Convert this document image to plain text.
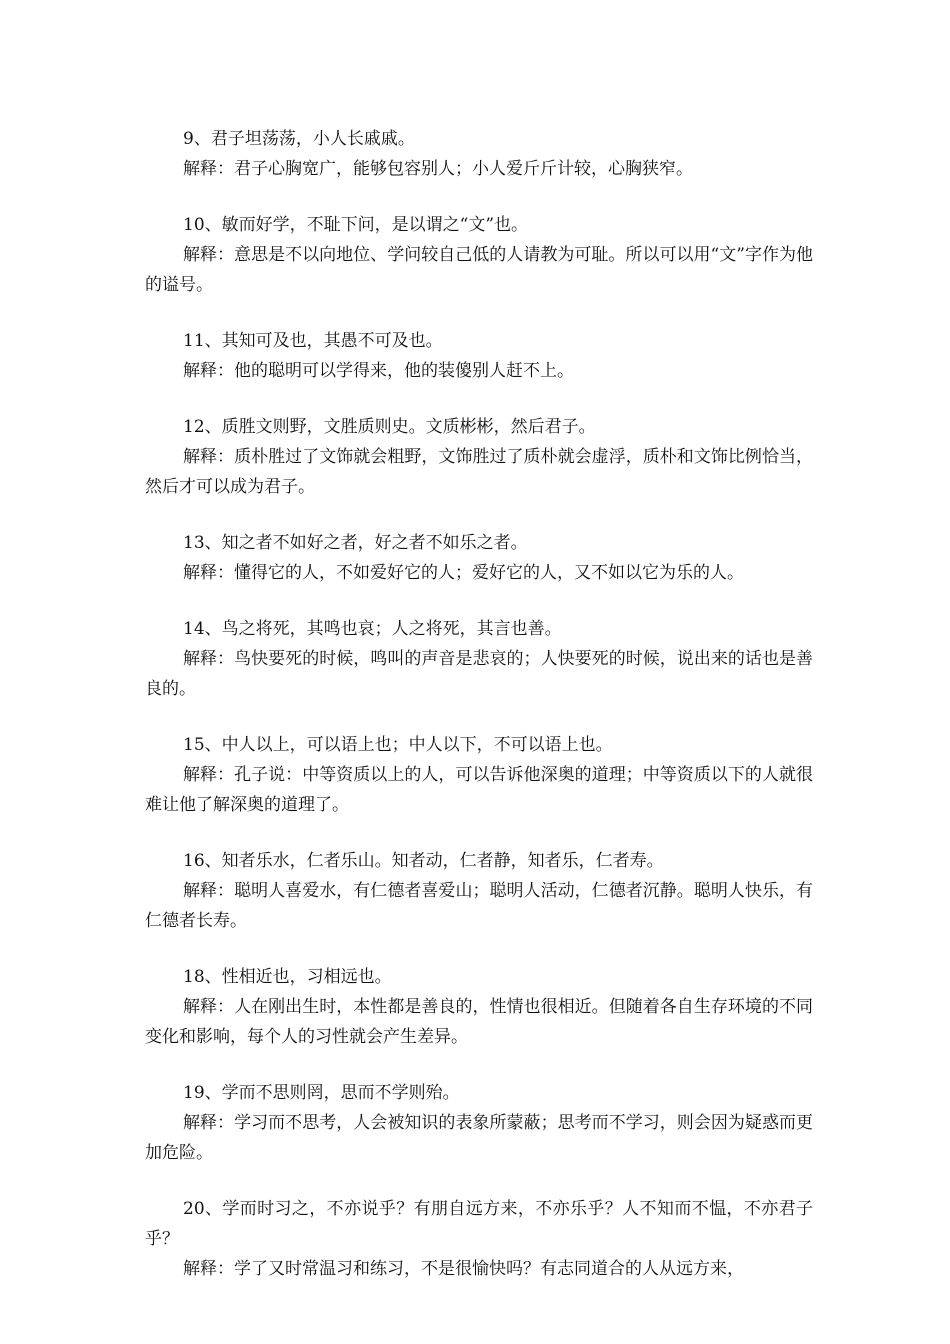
9、君子坦荡荡，小人长戚戚。

解释：君子心胸宽广，能够包容别人；小人爱斤斤计较，心胸狭窄。

10、敏而好学，不耻下问，是以谓之“文”也。

解释：意思是不以向地位、学问较自己低的人请教为可耻。所以可以用“文”字作为他的谥号。

11、其知可及也，其愚不可及也。

解释：他的聪明可以学得来，他的装傻别人赶不上。

12、质胜文则野，文胜质则史。文质彬彬，然后君子。

解释：质朴胜过了文饰就会粗野，文饰胜过了质朴就会虚浮，质朴和文饰比例恰当，然后才可以成为君子。

13、知之者不如好之者，好之者不如乐之者。

解释：懂得它的人，不如爱好它的人；爱好它的人，又不如以它为乐的人。

14、鸟之将死，其鸣也哀；人之将死，其言也善。

解释：鸟快要死的时候，鸣叫的声音是悲哀的；人快要死的时候，说出来的话也是善良的。

15、中人以上，可以语上也；中人以下，不可以语上也。

解释：孔子说：中等资质以上的人，可以告诉他深奥的道理；中等资质以下的人就很难让他了解深奥的道理了。

16、知者乐水，仁者乐山。知者动，仁者静，知者乐，仁者寿。

解释：聪明人喜爱水，有仁德者喜爱山；聪明人活动，仁德者沉静。聪明人快乐，有仁德者长寿。

18、性相近也，习相远也。

解释：人在刚出生时，本性都是善良的，性情也很相近。但随着各自生存环境的不同变化和影响，每个人的习性就会产生差异。

19、学而不思则罔，思而不学则殆。

解释：学习而不思考，人会被知识的表象所蒙蔽；思考而不学习，则会因为疑惑而更加危险。

20、学而时习之，不亦说乎？有朋自远方来，不亦乐乎？人不知而不愠，不亦君子乎？

解释：学了又时常温习和练习，不是很愉快吗？有志同道合的人从远方来，
